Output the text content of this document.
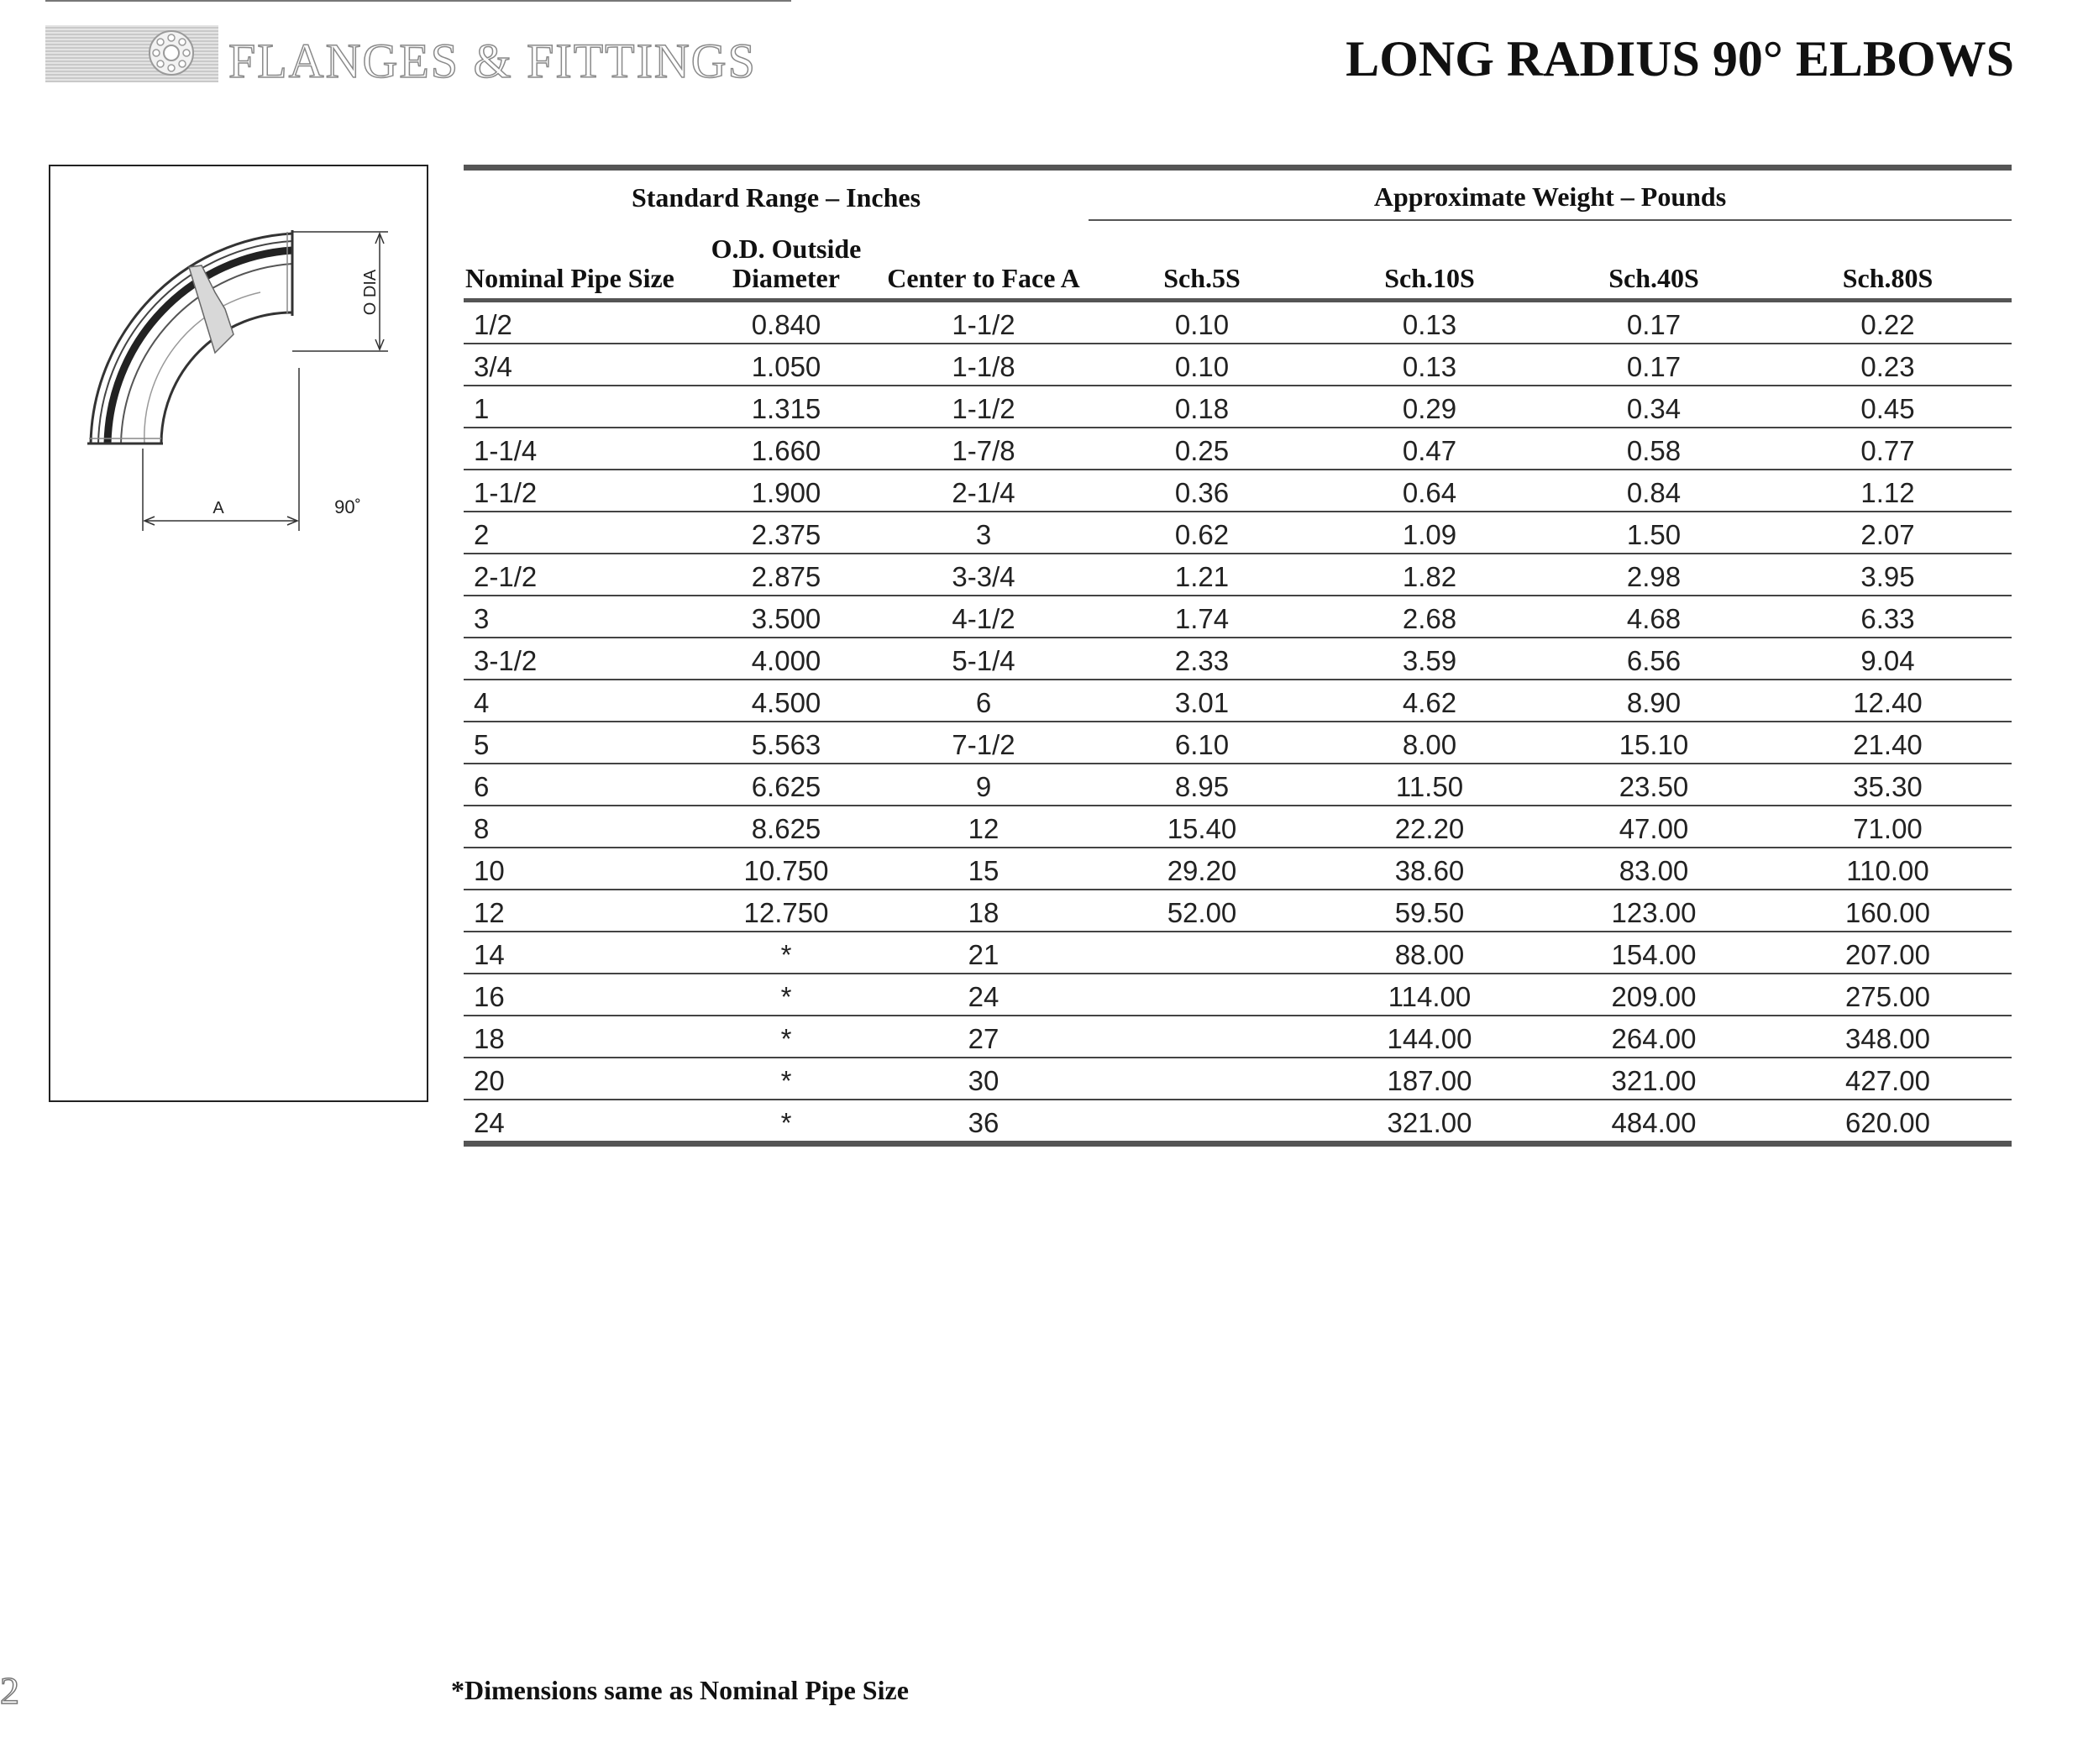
FLANGES & FITTINGS	LONG RADIUS 90° ELBOWS
O DIA
A	90˚
Standard Range – Inches			Approximate Weight – Pounds			
Nominal Pipe Size	O.D. Outside Diameter	Center to Face A	Sch.5S	Sch.10S	Sch.40S	Sch.80S
1/2	0.840	1-1/2	0.10	0.13	0.17	0.22
3/4	1.050	1-1/8	0.10	0.13	0.17	0.23
1	1.315	1-1/2	0.18	0.29	0.34	0.45
1-1/4	1.660	1-7/8	0.25	0.47	0.58	0.77
1-1/2	1.900	2-1/4	0.36	0.64	0.84	1.12
2	2.375	3	0.62	1.09	1.50	2.07
2-1/2	2.875	3-3/4	1.21	1.82	2.98	3.95
3	3.500	4-1/2	1.74	2.68	4.68	6.33
3-1/2	4.000	5-1/4	2.33	3.59	6.56	9.04
4	4.500	6	3.01	4.62	8.90	12.40
5	5.563	7-1/2	6.10	8.00	15.10	21.40
6	6.625	9	8.95	11.50	23.50	35.30
8	8.625	12	15.40	22.20	47.00	71.00
10	10.750	15	29.20	38.60	83.00	110.00
12	12.750	18	52.00	59.50	123.00	160.00
14	*	21		88.00	154.00	207.00
16	*	24		114.00	209.00	275.00
18	*	27		144.00	264.00	348.00
20	*	30		187.00	321.00	427.00
24	*	36		321.00	484.00	620.00
2	*Dimensions same as Nominal Pipe Size
